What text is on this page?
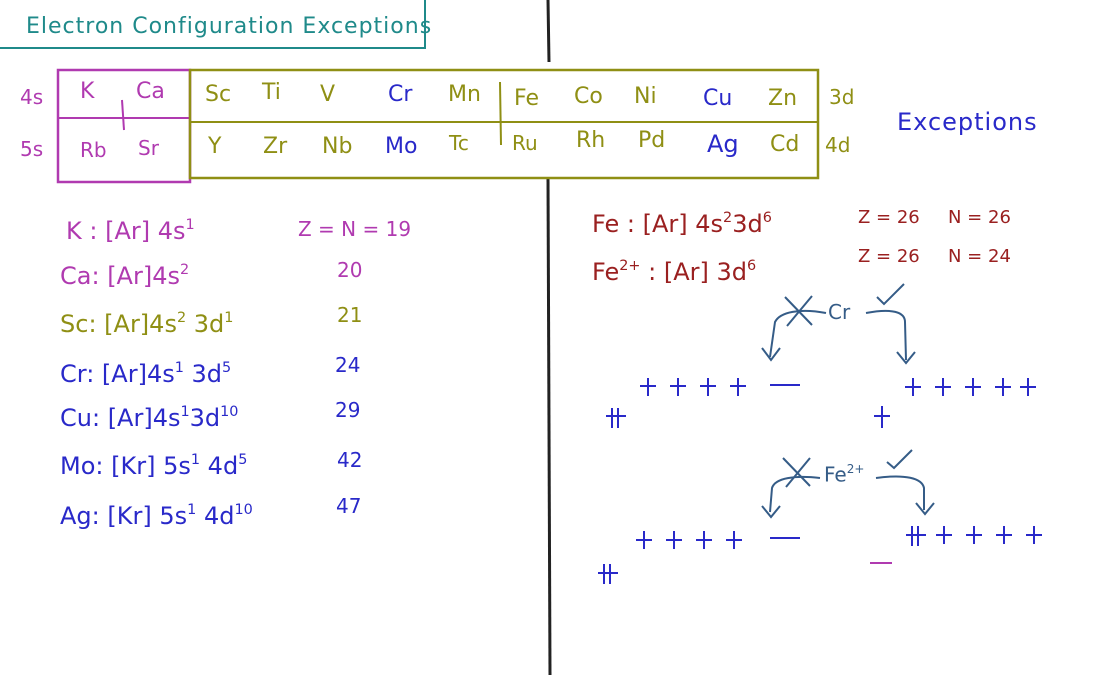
Electron Configuration Exceptions
4s
5s
3d
4d
K Ca
Rb Sr
Sc Ti V Cr Mn Fe Co Ni Cu Zn
Y Zr Nb Mo Tc Ru Rh Pd Ag Cd
Exceptions
K : [Ar] $4s^1$	Z = N = 19
Ca: $[Ar]4s^2$	20
Sc: $[Ar]4s^2$ $3d^1$	21
Cr: $[Ar]4s^1$ $3d^5$	24
Cu: $[Ar]4s^13d^{10}$	29
Mo: [Kr] $5s^1$ $4d^5$	42
Ag: [Kr] $5s^1$ $4d^{10}$	47
Fe : [Ar] $4s^23d^6$	Z = 26 N = 26
$Fe^{2+}$ : [Ar] $3d^6$	Z = 26 N = 24
Cr
$Fe^{2+}$
